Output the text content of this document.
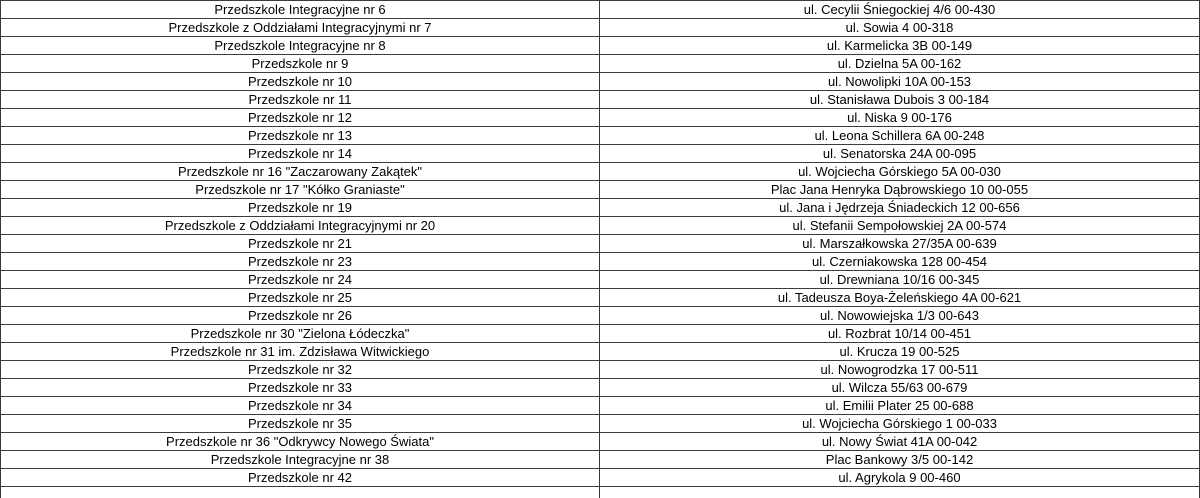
Przedszkole Integracyjne nr 6	ul. Cecylii Śniegockiej 4/6 00-430	
Przedszkole z Oddziałami Integracyjnymi nr 7	ul. Sowia 4 00-318	
Przedszkole Integracyjne nr 8	ul. Karmelicka 3B 00-149	
Przedszkole nr 9	ul. Dzielna 5A 00-162	
Przedszkole nr 10	ul. Nowolipki 10A 00-153	
Przedszkole nr 11	ul. Stanisława Dubois 3 00-184	
Przedszkole nr 12	ul. Niska 9 00-176	
Przedszkole nr 13	ul. Leona Schillera 6A 00-248	
Przedszkole nr 14	ul. Senatorska 24A 00-095	
Przedszkole nr 16 "Zaczarowany Zakątek"	ul. Wojciecha Górskiego 5A 00-030	
Przedszkole nr 17 "Kółko Graniaste"	Plac Jana Henryka Dąbrowskiego 10 00-055	
Przedszkole nr 19	ul. Jana i Jędrzeja Śniadeckich 12 00-656	
Przedszkole z Oddziałami Integracyjnymi nr 20	ul. Stefanii Sempołowskiej 2A 00-574	
Przedszkole nr 21	ul. Marszałkowska 27/35A 00-639	
Przedszkole nr 23	ul. Czerniakowska 128 00-454	
Przedszkole nr 24	ul. Drewniana 10/16 00-345	
Przedszkole nr 25	ul. Tadeusza Boya-Żeleńskiego 4A 00-621	
Przedszkole nr 26	ul. Nowowiejska 1/3 00-643	
Przedszkole nr 30 "Zielona Łódeczka"	ul. Rozbrat 10/14 00-451	
Przedszkole nr 31 im. Zdzisława Witwickiego	ul. Krucza 19 00-525	
Przedszkole nr 32	ul. Nowogrodzka 17 00-511	
Przedszkole nr 33	ul. Wilcza 55/63 00-679	
Przedszkole nr 34	ul. Emilii Plater 25 00-688	
Przedszkole nr 35	ul. Wojciecha Górskiego 1 00-033	
Przedszkole nr 36 "Odkrywcy Nowego Świata"	ul. Nowy Świat 41A 00-042	
Przedszkole Integracyjne nr 38	Plac Bankowy 3/5 00-142	
Przedszkole nr 42	ul. Agrykola 9 00-460	
